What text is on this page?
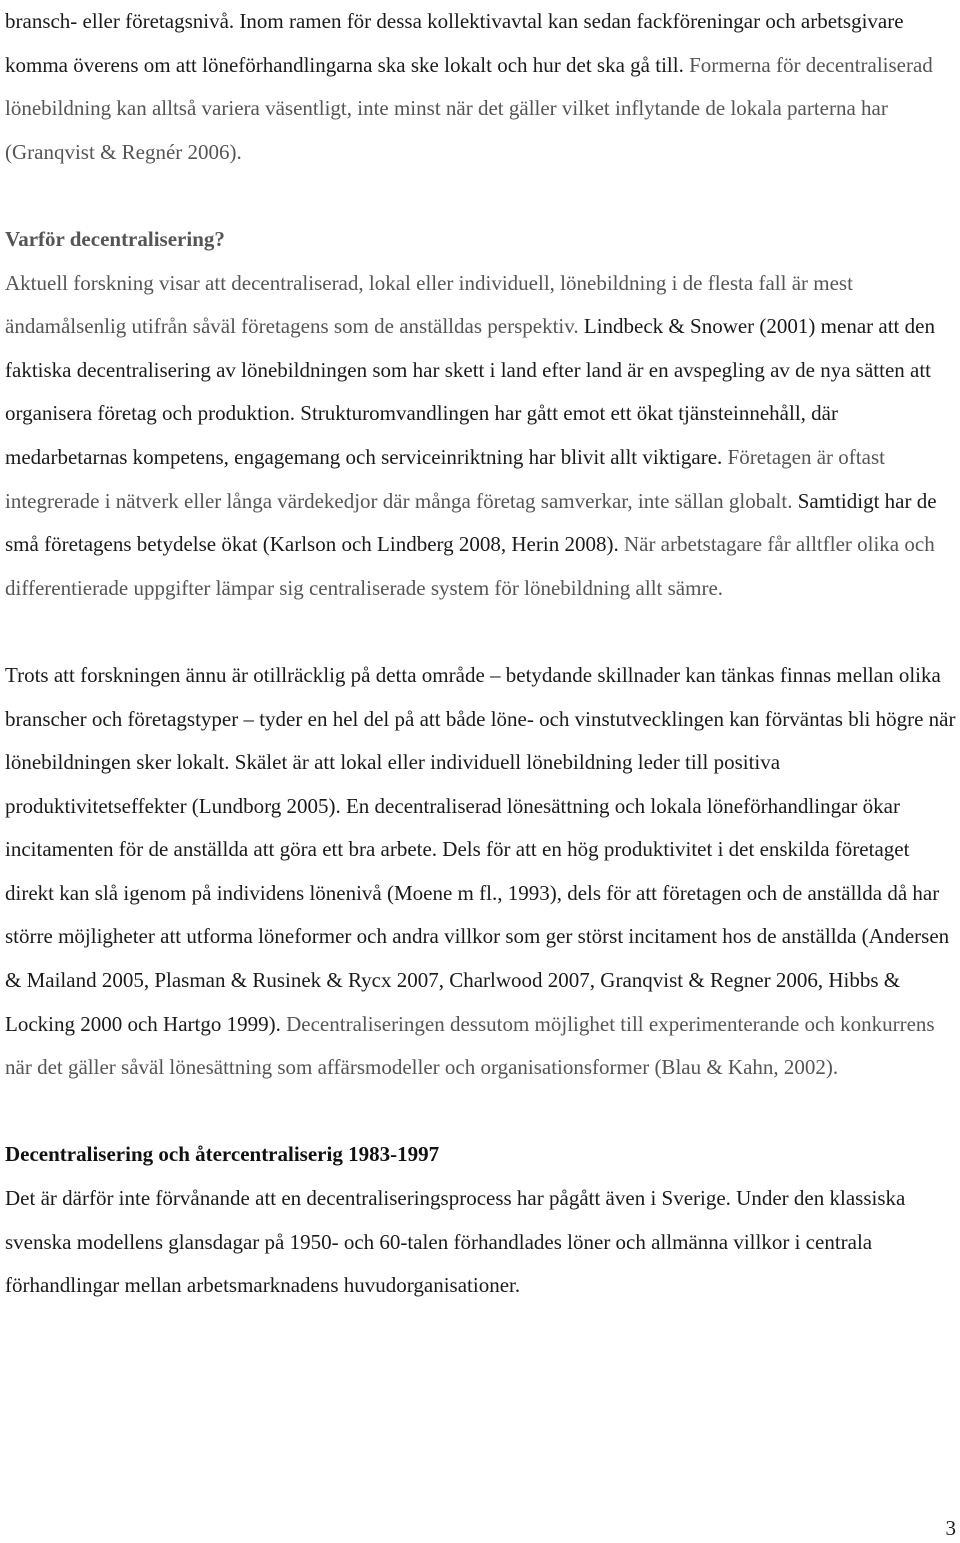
bransch- eller företagsnivå. Inom ramen för dessa kollektivavtal kan sedan fackföreningar och arbetsgivare komma överens om att löneförhandlingarna ska ske lokalt och hur det ska gå till. Formerna för decentraliserad lönebildning kan alltså variera väsentligt, inte minst när det gäller vilket inflytande de lokala parterna har (Granqvist & Regnér 2006).

Varför decentralisering?

Aktuell forskning visar att decentraliserad, lokal eller individuell, lönebildning i de flesta fall är mest ändamålsenlig utifrån såväl företagens som de anställdas perspektiv. Lindbeck & Snower (2001) menar att den faktiska decentralisering av lönebildningen som har skett i land efter land är en avspegling av de nya sätten att organisera företag och produktion. Strukturomvandlingen har gått emot ett ökat tjänsteinnehåll, där medarbetarnas kompetens, engagemang och serviceinriktning har blivit allt viktigare. Företagen är oftast integrerade i nätverk eller långa värdekedjor där många företag samverkar, inte sällan globalt. Samtidigt har de små företagens betydelse ökat (Karlson och Lindberg 2008, Herin 2008). När arbetstagare får alltfler olika och differentierade uppgifter lämpar sig centraliserade system för lönebildning allt sämre.

Trots att forskningen ännu är otillräcklig på detta område – betydande skillnader kan tänkas finnas mellan olika branscher och företagstyper – tyder en hel del på att både löne- och vinstutvecklingen kan förväntas bli högre när lönebildningen sker lokalt. Skälet är att lokal eller individuell lönebildning leder till positiva produktivitetseffekter (Lundborg 2005). En decentraliserad lönesättning och lokala löneförhandlingar ökar incitamenten för de anställda att göra ett bra arbete. Dels för att en hög produktivitet i det enskilda företaget direkt kan slå igenom på individens lönenivå (Moene m fl., 1993), dels för att företagen och de anställda då har större möjligheter att utforma löneformer och andra villkor som ger störst incitament hos de anställda (Andersen & Mailand 2005, Plasman & Rusinek & Rycx 2007, Charlwood 2007, Granqvist & Regner 2006, Hibbs & Locking 2000 och Hartgo 1999). Decentraliseringen dessutom möjlighet till experimenterande och konkurrens när det gäller såväl lönesättning som affärsmodeller och organisationsformer (Blau & Kahn, 2002).

Decentralisering och återcentraliserig 1983-1997

Det är därför inte förvånande att en decentraliseringsprocess har pågått även i Sverige. Under den klassiska svenska modellens glansdagar på 1950- och 60-talen förhandlades löner och allmänna villkor i centrala förhandlingar mellan arbetsmarknadens huvudorganisationer.

3
